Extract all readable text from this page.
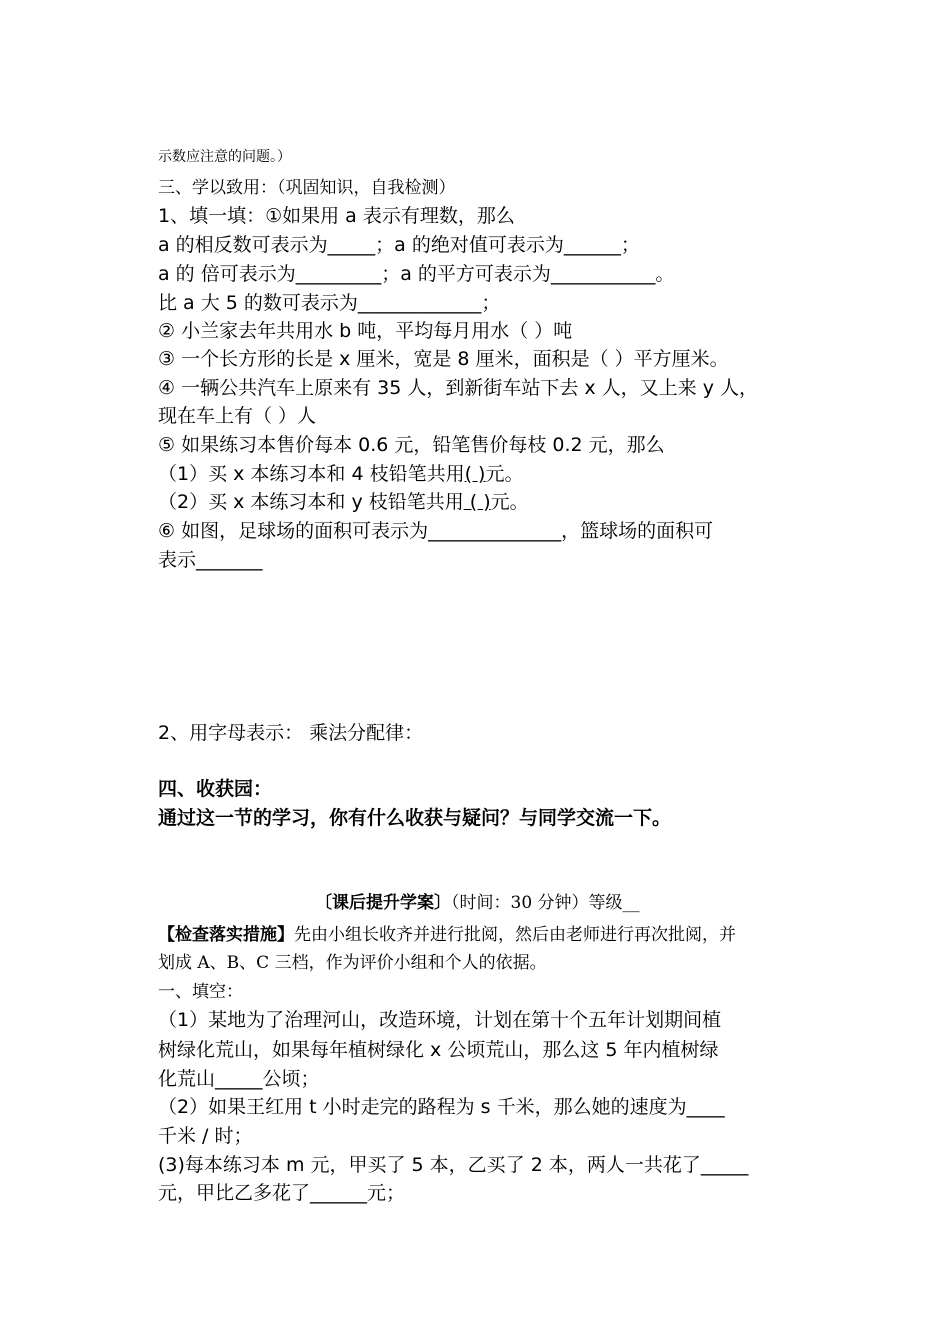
示数应注意的问题。）
三、学以致用：（巩固知识，自我检测）
1、填一填：①如果用 a 表示有理数，那么
a 的相反数可表示为_____；a 的绝对值可表示为______；
a 的 倍可表示为_________；a 的平方可表示为___________。
比 a 大 5 的数可表示为_____________；
② 小兰家去年共用水 b 吨，平均每月用水（ ）吨
③ 一个长方形的长是 x 厘米，宽是 8 厘米，面积是（ ）平方厘米。
④ 一辆公共汽车上原来有 35 人，到新街车站下去 x 人，又上来 y 人，
现在车上有（ ）人
⑤ 如果练习本售价每本 0.6 元，铅笔售价每枝 0.2 元，那么
（1）买 x 本练习本和 4 枝铅笔共用( )元。
（2）买 x 本练习本和 y 枝铅笔共用 ( )元。
⑥ 如图，足球场的面积可表示为______________，篮球场的面积可
表示_______
2、用字母表示： 乘法分配律：
四、收获园：
通过这一节的学习，你有什么收获与疑问？与同学交流一下。
〔课后提升学案〕（时间：30 分钟）等级__
【检查落实措施】先由小组长收齐并进行批阅，然后由老师进行再次批阅，并
划成 A、B、C 三档，作为评价小组和个人的依据。
一、填空：
（1）某地为了治理河山，改造环境，计划在第十个五年计划期间植
树绿化荒山，如果每年植树绿化 x 公顷荒山，那么这 5 年内植树绿
化荒山_____公顷；
（2）如果王红用 t 小时走完的路程为 s 千米，那么她的速度为____
千米 / 时；
(3)每本练习本 m 元，甲买了 5 本，乙买了 2 本，两人一共花了_____
元，甲比乙多花了______元；
